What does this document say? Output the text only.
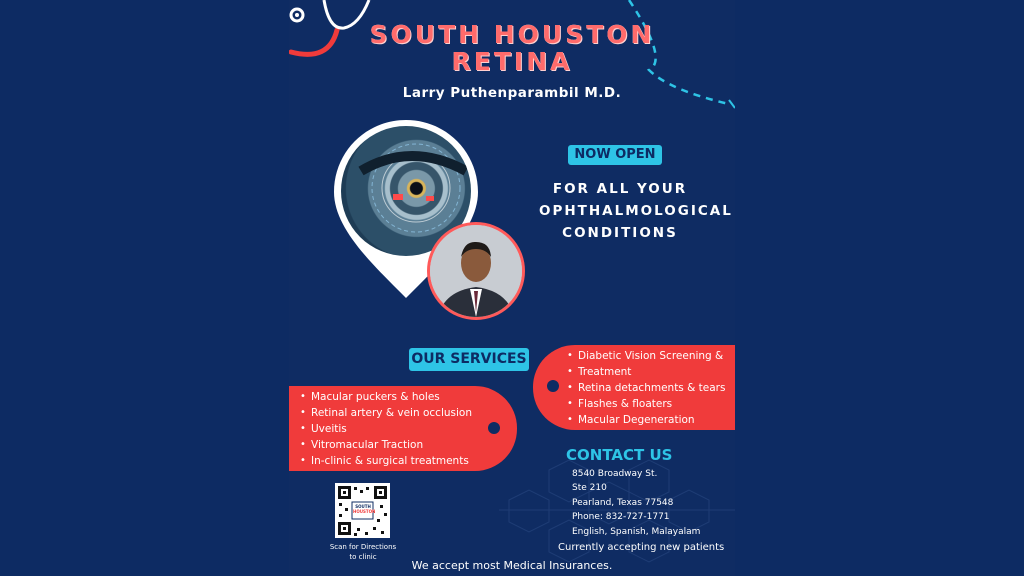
SOUTH HOUSTON
RETINA
Larry Puthenparambil M.D.
NOW OPEN
FOR ALL YOUR
OPHTHALMOLOGICAL
CONDITIONS
OUR SERVICES
•	Diabetic Vision Screening &
• Treatment
• Retina detachments & tears
• Flashes & floaters
• Macular Degeneration
• Macular puckers & holes
• Retinal artery & vein occlusion
• Uveitis
• Vitromacular Traction
• In-clinic & surgical treatments	CONTACT US
8540 Broadway St.
Ste 210
Pearland, Texas 77548
Phone: 832-727-1771
English, Spanish, Malayalam
Currently accepting new patients
SOUTH
HOUSTON
Scan for Directions
to clinic
We accept most Medical Insurances.
